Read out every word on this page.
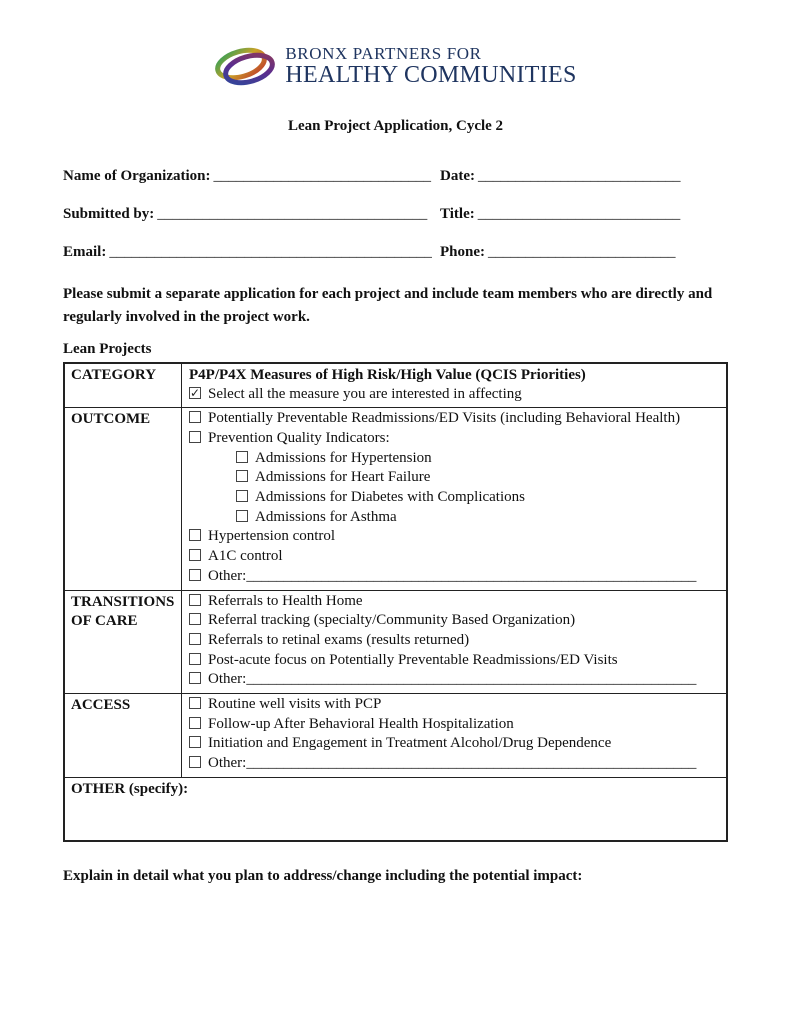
BRONX PARTNERS FOR
HEALTHY COMMUNITIES
Lean Project Application, Cycle 2
Name of Organization: _____________________________ Date: ___________________________
Submitted by: ____________________________________ Title: ___________________________
Email: ___________________________________________ Phone: _________________________

Please submit a separate application for each project and include team members who are directly and regularly involved in the project work.

Lean Projects
CATEGORY	P4P/P4X Measures of High Risk/High Value (QCIS Priorities)
✓Select all the measure you are interested in affecting
OUTCOME	Potentially Preventable Readmissions/ED Visits (including Behavioral Health)
Prevention Quality Indicators:
Admissions for Hypertension
Admissions for Heart Failure
Admissions for Diabetes with Complications
Admissions for Asthma
Hypertension control
A1C control
Other:____________________________________________________________
TRANSITIONS OF CARE
Referrals to Health Home
Referral tracking (specialty/Community Based Organization)
Referrals to retinal exams (results returned)
Post-acute focus on Potentially Preventable Readmissions/ED Visits
Other:____________________________________________________________
ACCESS	Routine well visits with PCP
Follow-up After Behavioral Health Hospitalization
Initiation and Engagement in Treatment Alcohol/Drug Dependence
Other:____________________________________________________________
OTHER (specify):

Explain in detail what you plan to address/change including the potential impact:
